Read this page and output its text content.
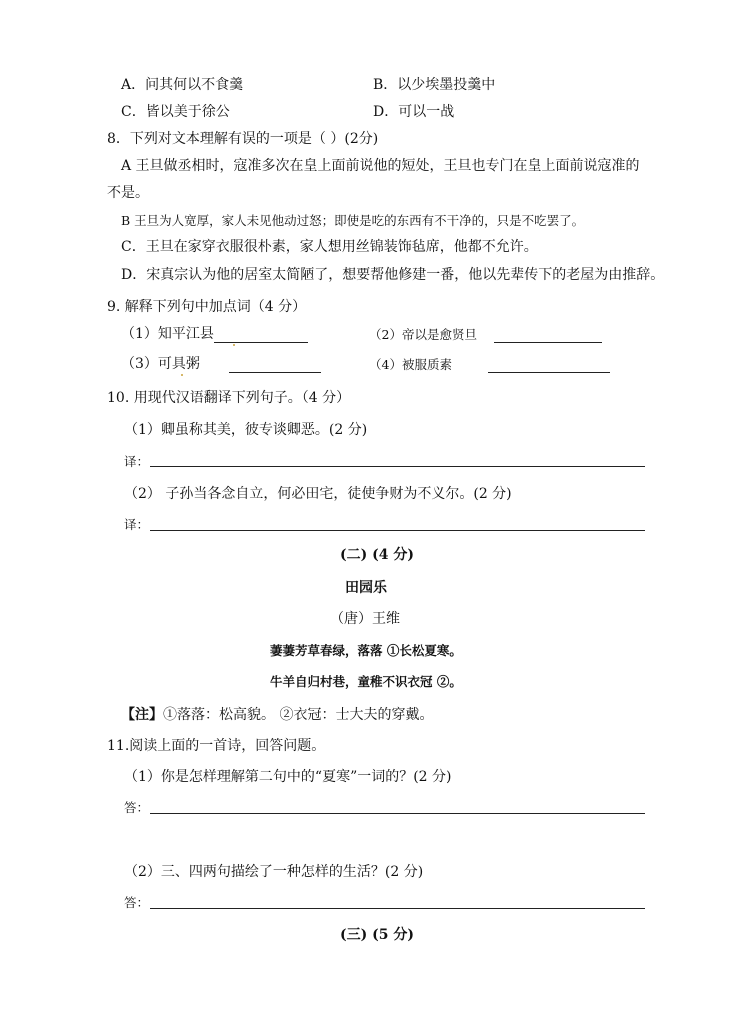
A．问其何以不食羹	B．以少埃墨投羹中
C．皆以美于徐公	D．可以一战
8．下列对文本理解有误的一项是（ ）(2分)
A 王旦做丞相时，寇准多次在皇上面前说他的短处，王旦也专门在皇上面前说寇准的
不是。
B 王旦为人宽厚，家人未见他动过怒；即使是吃的东西有不干净的，只是不吃罢了。
C．王旦在家穿衣服很朴素，家人想用丝锦装饰毡席，他都不允许。
D．宋真宗认为他的居室太简陋了，想要帮他修建一番，他以先辈传下的老屋为由推辞。
9. 解释下列句中加点词（4 分）
（1）知平江县	（2）帝以是愈贤旦
（3）可具粥	（4）被服质素
10. 用现代汉语翻译下列句子。（4 分）
（1）卿虽称其美，彼专谈卿恶。(2 分)
译：
（2） 子孙当各念自立，何必田宅，徒使争财为不义尔。(2 分)
译：
(二) (4 分)
田园乐
（唐）王维
萋萋芳草春绿，落落 ①长松夏寒。
牛羊自归村巷，童稚不识衣冠 ②。
【注】①落落：松高貌。 ②衣冠：士大夫的穿戴。
11.阅读上面的一首诗，回答问题。
（1）你是怎样理解第二句中的“夏寒”一词的？(2 分)
答：
（2）三、四两句描绘了一种怎样的生活？(2 分)
答：
(三) (5 分)
